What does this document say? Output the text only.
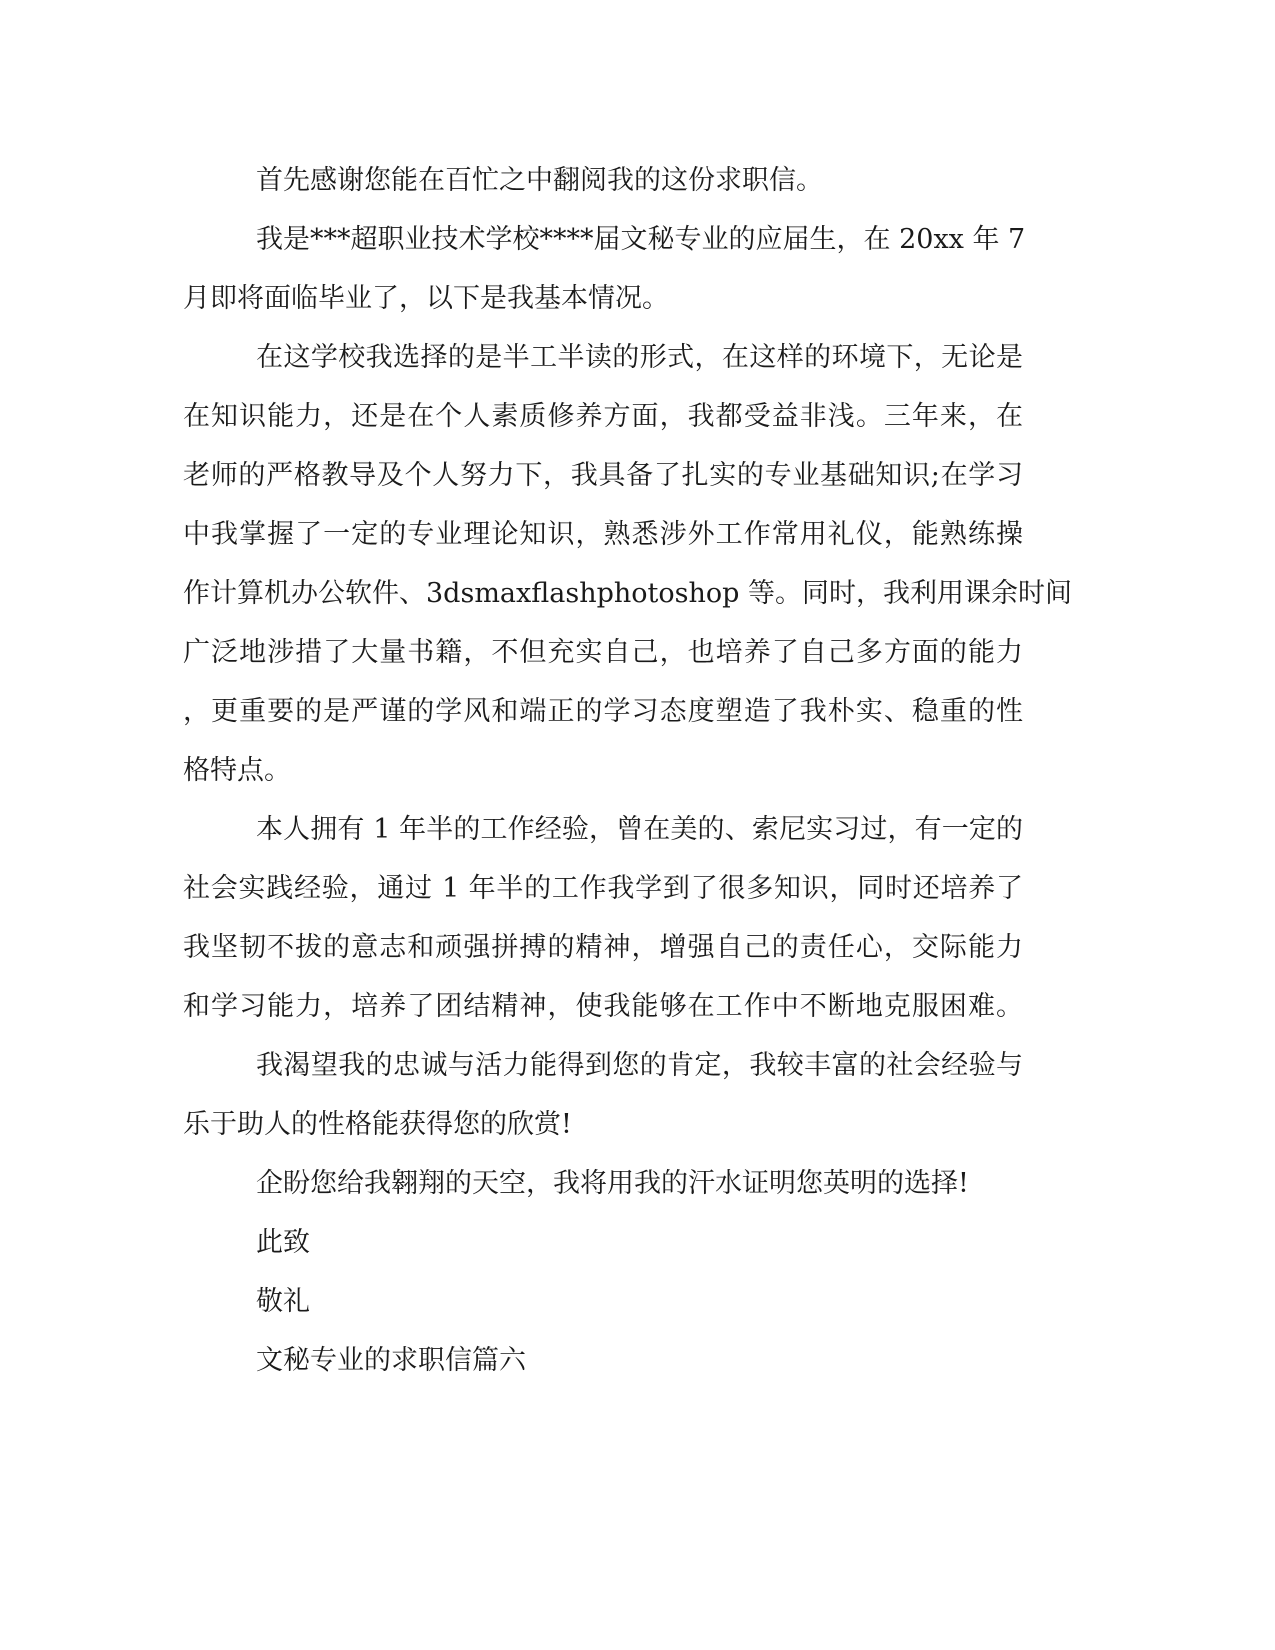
首先感谢您能在百忙之中翻阅我的这份求职信。
我是***超职业技术学校****届文秘专业的应届生，在 20xx 年 7
月即将面临毕业了，以下是我基本情况。
在这学校我选择的是半工半读的形式，在这样的环境下，无论是
在知识能力，还是在个人素质修养方面，我都受益非浅。三年来，在
老师的严格教导及个人努力下，我具备了扎实的专业基础知识;在学习
中我掌握了一定的专业理论知识，熟悉涉外工作常用礼仪，能熟练操
作计算机办公软件、3dsmaxflashphotoshop 等。同时，我利用课余时间
广泛地涉措了大量书籍，不但充实自己，也培养了自己多方面的能力
，更重要的是严谨的学风和端正的学习态度塑造了我朴实、稳重的性
格特点。
本人拥有 1 年半的工作经验，曾在美的、索尼实习过，有一定的
社会实践经验，通过 1 年半的工作我学到了很多知识，同时还培养了
我坚韧不拔的意志和顽强拼搏的精神，增强自己的责任心，交际能力
和学习能力，培养了团结精神，使我能够在工作中不断地克服困难。
我渴望我的忠诚与活力能得到您的肯定，我较丰富的社会经验与
乐于助人的性格能获得您的欣赏!
企盼您给我翱翔的天空，我将用我的汗水证明您英明的选择!
此致
敬礼
文秘专业的求职信篇六
